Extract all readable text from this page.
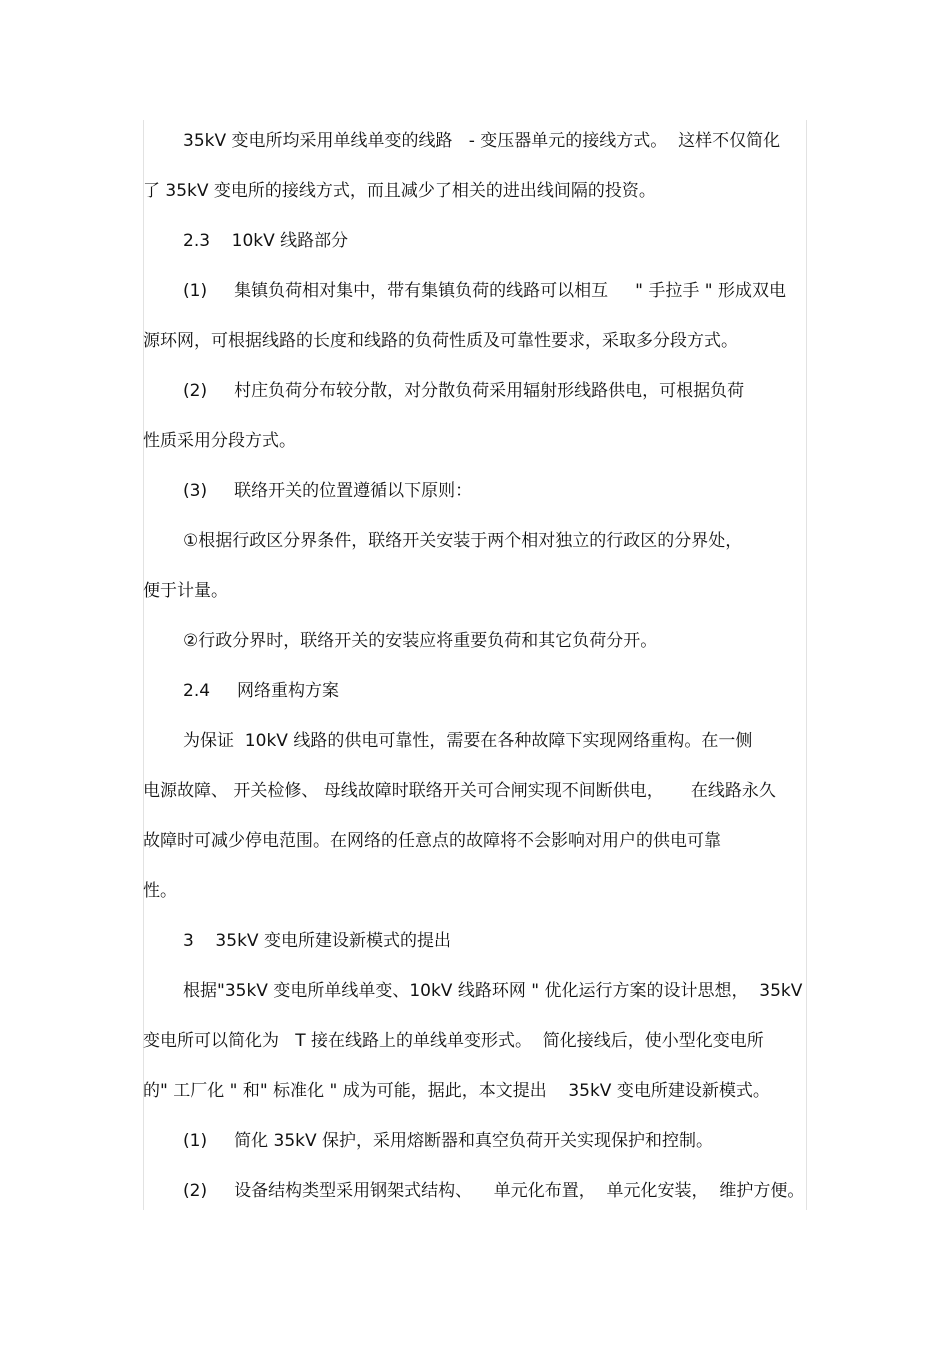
35kV 变电所均采用单线单变的线路   - 变压器单元的接线方式。  这样不仅简化
了 35kV 变电所的接线方式，而且减少了相关的进出线间隔的投资。
2.3    10kV 线路部分
(1)     集镇负荷相对集中，带有集镇负荷的线路可以相互     " 手拉手 " 形成双电
源环网，可根据线路的长度和线路的负荷性质及可靠性要求，采取多分段方式。
(2)     村庄负荷分布较分散，对分散负荷采用辐射形线路供电，可根据负荷
性质采用分段方式。
(3)     联络开关的位置遵循以下原则：
①根据行政区分界条件，联络开关安装于两个相对独立的行政区的分界处，
便于计量。
②行政分界时，联络开关的安装应将重要负荷和其它负荷分开。
2.4     网络重构方案
为保证  10kV 线路的供电可靠性，需要在各种故障下实现网络重构。在一侧
电源故障、 开关检修、 母线故障时联络开关可合闸实现不间断供电，     在线路永久
故障时可减少停电范围。在网络的任意点的故障将不会影响对用户的供电可靠
性。
3    35kV 变电所建设新模式的提出
根据"35kV 变电所单线单变、10kV 线路环网 " 优化运行方案的设计思想，  35kV
变电所可以简化为   T 接在线路上的单线单变形式。  简化接线后，使小型化变电所
的" 工厂化 " 和" 标准化 " 成为可能，据此，本文提出    35kV 变电所建设新模式。
(1)     简化 35kV 保护，采用熔断器和真空负荷开关实现保护和控制。
(2)     设备结构类型采用钢架式结构、    单元化布置，  单元化安装，  维护方便。
